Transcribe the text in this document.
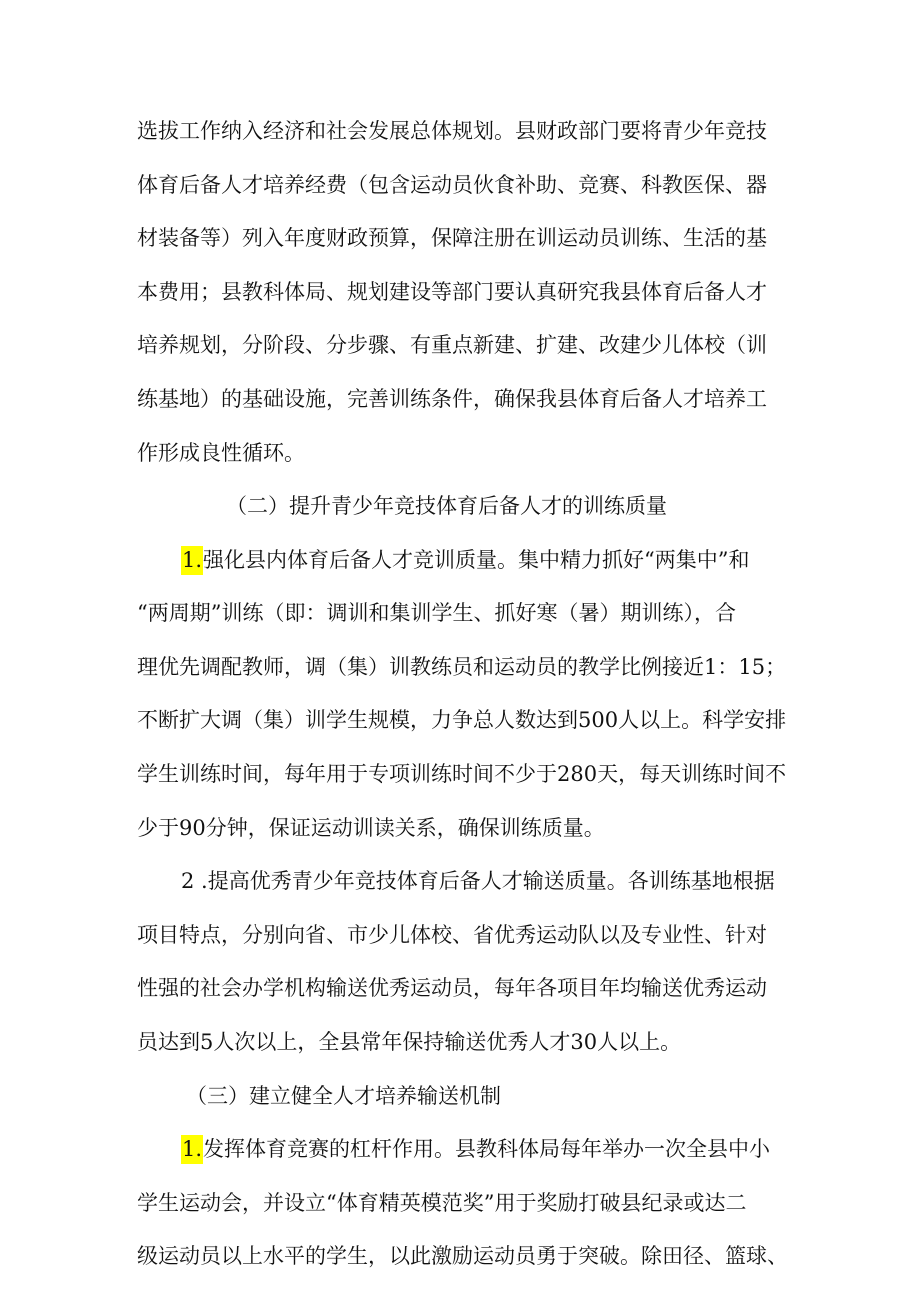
选拔工作纳入经济和社会发展总体规划。县财政部门要将青少年竞技
体育后备人才培养经费（包含运动员伙食补助、竞赛、科教医保、器
材装备等）列入年度财政预算，保障注册在训运动员训练、生活的基
本费用；县教科体局、规划建设等部门要认真研究我县体育后备人才
培养规划，分阶段、分步骤、有重点新建、扩建、改建少儿体校（训
练基地）的基础设施，完善训练条件，确保我县体育后备人才培养工
作形成良性循环。
（二）提升青少年竞技体育后备人才的训练质量
1.强化县内体育后备人才竞训质量。集中精力抓好“两集中”和
“两周期”训练（即：调训和集训学生、抓好寒（暑）期训练），合
理优先调配教师，调（集）训教练员和运动员的教学比例接近1：15；
不断扩大调（集）训学生规模，力争总人数达到500人以上。科学安排
学生训练时间，每年用于专项训练时间不少于280天，每天训练时间不
少于90分钟，保证运动训读关系，确保训练质量。
2 .提高优秀青少年竞技体育后备人才输送质量。各训练基地根据
项目特点，分别向省、市少儿体校、省优秀运动队以及专业性、针对
性强的社会办学机构输送优秀运动员，每年各项目年均输送优秀运动
员达到5人次以上，全县常年保持输送优秀人才30人以上。
（三）建立健全人才培养输送机制
1.发挥体育竞赛的杠杆作用。县教科体局每年举办一次全县中小
学生运动会，并设立“体育精英模范奖”用于奖励打破县纪录或达二
级运动员以上水平的学生，以此激励运动员勇于突破。除田径、篮球、
